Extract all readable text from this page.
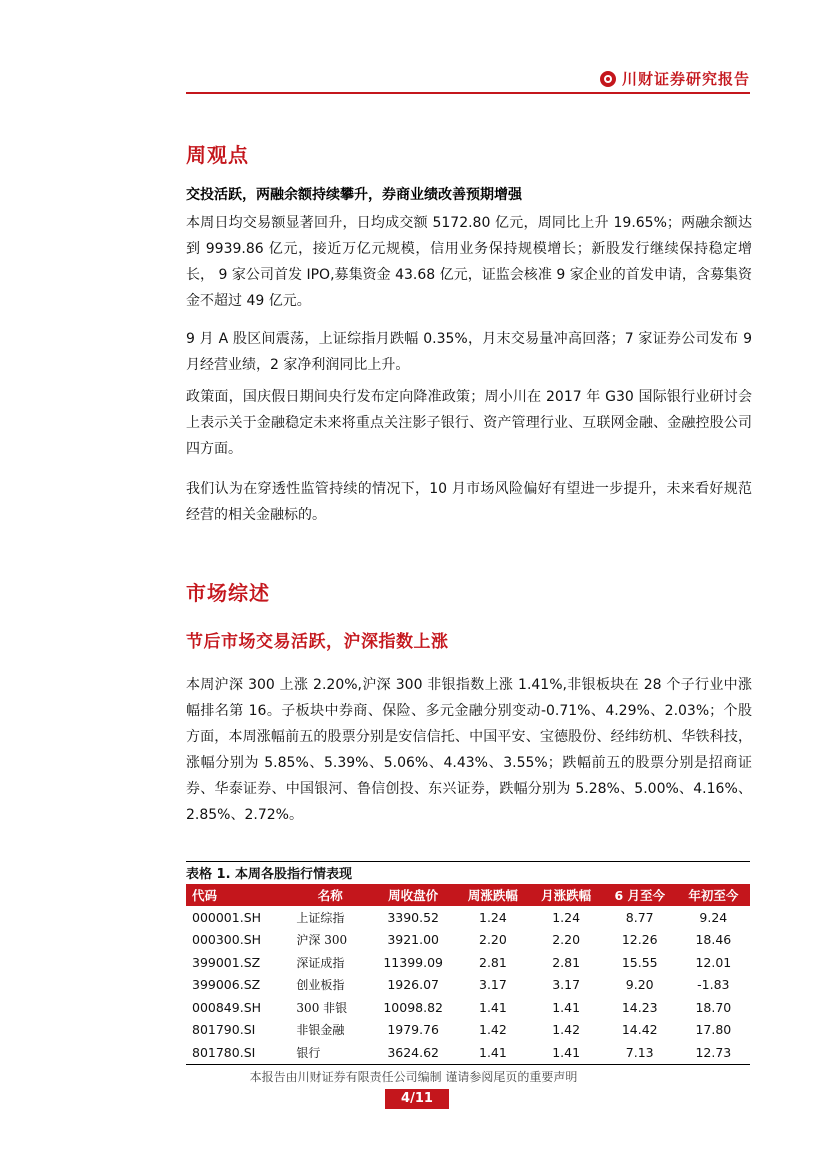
川财证券研究报告
周观点
交投活跃，两融余额持续攀升，券商业绩改善预期增强
本周日均交易额显著回升，日均成交额 5172.80 亿元，周同比上升 19.65%；两融余额达到 9939.86 亿元，接近万亿元规模，信用业务保持规模增长；新股发行继续保持稳定增长， 9 家公司首发 IPO,募集资金 43.68 亿元，证监会核准 9 家企业的首发申请，含募集资金不超过 49 亿元。
9 月 A 股区间震荡，上证综指月跌幅 0.35%，月末交易量冲高回落；7 家证券公司发布 9 月经营业绩，2 家净利润同比上升。
政策面，国庆假日期间央行发布定向降准政策；周小川在 2017 年 G30 国际银行业研讨会上表示关于金融稳定未来将重点关注影子银行、资产管理行业、互联网金融、金融控股公司四方面。
我们认为在穿透性监管持续的情况下，10 月市场风险偏好有望进一步提升，未来看好规范经营的相关金融标的。
市场综述
节后市场交易活跃，沪深指数上涨
本周沪深 300 上涨 2.20%,沪深 300 非银指数上涨 1.41%,非银板块在 28 个子行业中涨幅排名第 16。子板块中券商、保险、多元金融分别变动-0.71%、4.29%、2.03%；个股方面，本周涨幅前五的股票分别是安信信托、中国平安、宝德股份、经纬纺机、华铁科技，涨幅分别为 5.85%、5.39%、5.06%、4.43%、3.55%；跌幅前五的股票分别是招商证券、华泰证券、中国银河、鲁信创投、东兴证券，跌幅分别为 5.28%、5.00%、4.16%、2.85%、2.72%。
表格 1. 本周各股指行情表现
代码	名称	周收盘价	周涨跌幅	月涨跌幅	6 月至今	年初至今
000001.SH	上证综指	3390.52	1.24	1.24	8.77	9.24
000300.SH	沪深 300	3921.00	2.20	2.20	12.26	18.46
399001.SZ	深证成指	11399.09	2.81	2.81	15.55	12.01
399006.SZ	创业板指	1926.07	3.17	3.17	9.20	-1.83
000849.SH	300 非银	10098.82	1.41	1.41	14.23	18.70
801790.SI	非银金融	1979.76	1.42	1.42	14.42	17.80
801780.SI	银行	3624.62	1.41	1.41	7.13	12.73
本报告由川财证券有限责任公司编制 谨请参阅尾页的重要声明
4/11
